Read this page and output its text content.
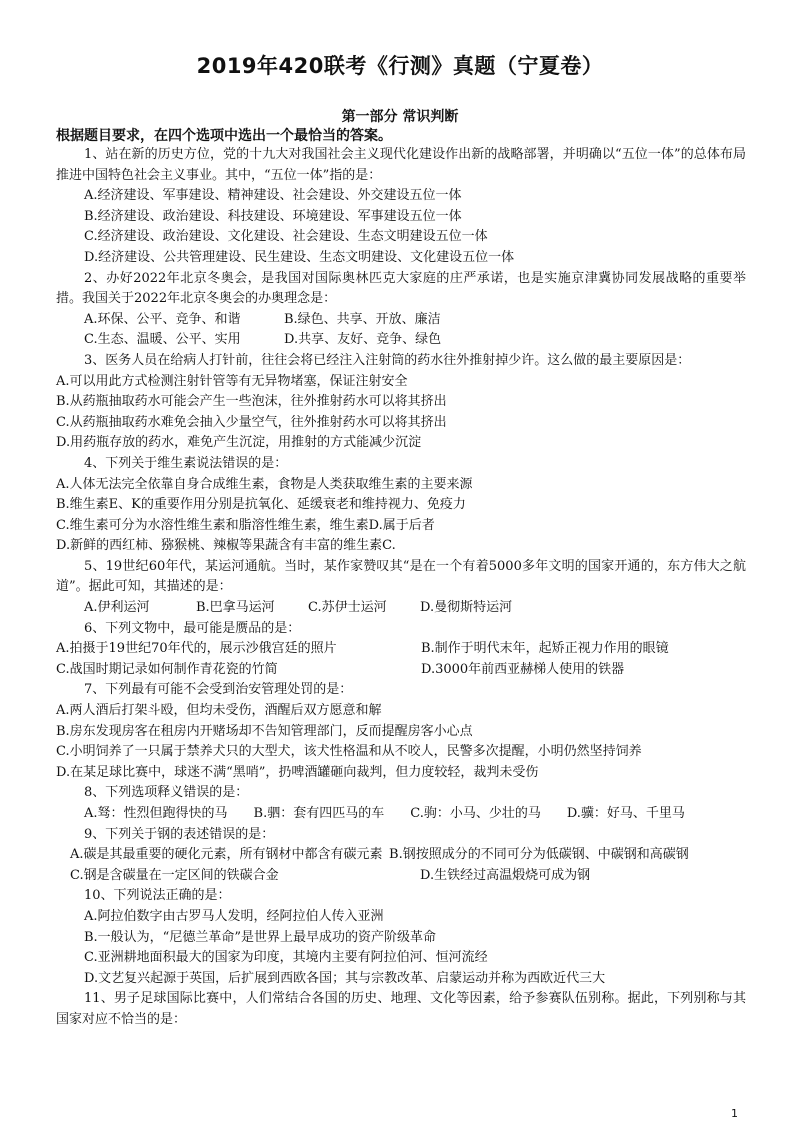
2019年420联考《行测》真题（宁夏卷）
第一部分 常识判断
根据题目要求，在四个选项中选出一个最恰当的答案。

1、站在新的历史方位，党的十九大对我国社会主义现代化建设作出新的战略部署，并明确以“五位一体”的总体布局推进中国特色社会主义事业。其中，“五位一体”指的是：

A.经济建设、军事建设、精神建设、社会建设、外交建设五位一体

B.经济建设、政治建设、科技建设、环境建设、军事建设五位一体

C.经济建设、政治建设、文化建设、社会建设、生态文明建设五位一体

D.经济建设、公共管理建设、民生建设、生态文明建设、文化建设五位一体

2、办好2022年北京冬奥会，是我国对国际奥林匹克大家庭的庄严承诺，也是实施京津冀协同发展战略的重要举措。我国关于2022年北京冬奥会的办奥理念是：

A.环保、公平、竞争、和谐	B.绿色、共享、开放、廉洁
C.生态、温暖、公平、实用	D.共享、友好、竞争、绿色

3、医务人员在给病人打针前，往往会将已经注入注射筒的药水往外推射掉少许。这么做的最主要原因是：

A.可以用此方式检测注射针管等有无异物堵塞，保证注射安全

B.从药瓶抽取药水可能会产生一些泡沫，往外推射药水可以将其挤出

C.从药瓶抽取药水难免会抽入少量空气，往外推射药水可以将其挤出

D.用药瓶存放的药水，难免产生沉淀，用推射的方式能减少沉淀

4、下列关于维生素说法错误的是：

A.人体无法完全依靠自身合成维生素，食物是人类获取维生素的主要来源

B.维生素E、K的重要作用分别是抗氧化、延缓衰老和维持视力、免疫力

C.维生素可分为水溶性维生素和脂溶性维生素，维生素D.属于后者

D.新鲜的西红柿、猕猴桃、辣椒等果蔬含有丰富的维生素C.

5、19世纪60年代，某运河通航。当时，某作家赞叹其“是在一个有着5000多年文明的国家开通的，东方伟大之航道”。据此可知，其描述的是：

A.伊利运河	B.巴拿马运河	C.苏伊士运河	D.曼彻斯特运河

6、下列文物中，最可能是赝品的是：

A.拍摄于19世纪70年代的，展示沙俄宫廷的照片	B.制作于明代末年，起矫正视力作用的眼镜
C.战国时期记录如何制作青花瓷的竹简	D.3000年前西亚赫梯人使用的铁器

7、下列最有可能不会受到治安管理处罚的是：

A.两人酒后打架斗殴，但均未受伤，酒醒后双方愿意和解

B.房东发现房客在租房内开赌场却不告知管理部门，反而提醒房客小心点

C.小明饲养了一只属于禁养犬只的大型犬，该犬性格温和从不咬人，民警多次提醒，小明仍然坚持饲养

D.在某足球比赛中，球迷不满“黑哨”，扔啤酒罐砸向裁判，但力度较轻，裁判未受伤

8、下列选项释义错误的是：

A.驽：性烈但跑得快的马   B.驷：套有四匹马的车   C.驹：小马、少壮的马   D.骥：好马、千里马

9、下列关于钢的表述错误的是：

A.碳是其最重要的硬化元素，所有钢材中都含有碳元素  B.钢按照成分的不同可分为低碳钢、中碳钢和高碳钢

C.钢是含碳量在一定区间的铁碳合金	D.生铁经过高温煅烧可成为钢

10、下列说法正确的是：

A.阿拉伯数字由古罗马人发明，经阿拉伯人传入亚洲

B.一般认为，“尼德兰革命”是世界上最早成功的资产阶级革命

C.亚洲耕地面积最大的国家为印度，其境内主要有阿拉伯河、恒河流经

D.文艺复兴起源于英国，后扩展到西欧各国；其与宗教改革、启蒙运动并称为西欧近代三大

11、男子足球国际比赛中，人们常结合各国的历史、地理、文化等因素，给予参赛队伍别称。据此，下列别称与其国家对应不恰当的是：

1
